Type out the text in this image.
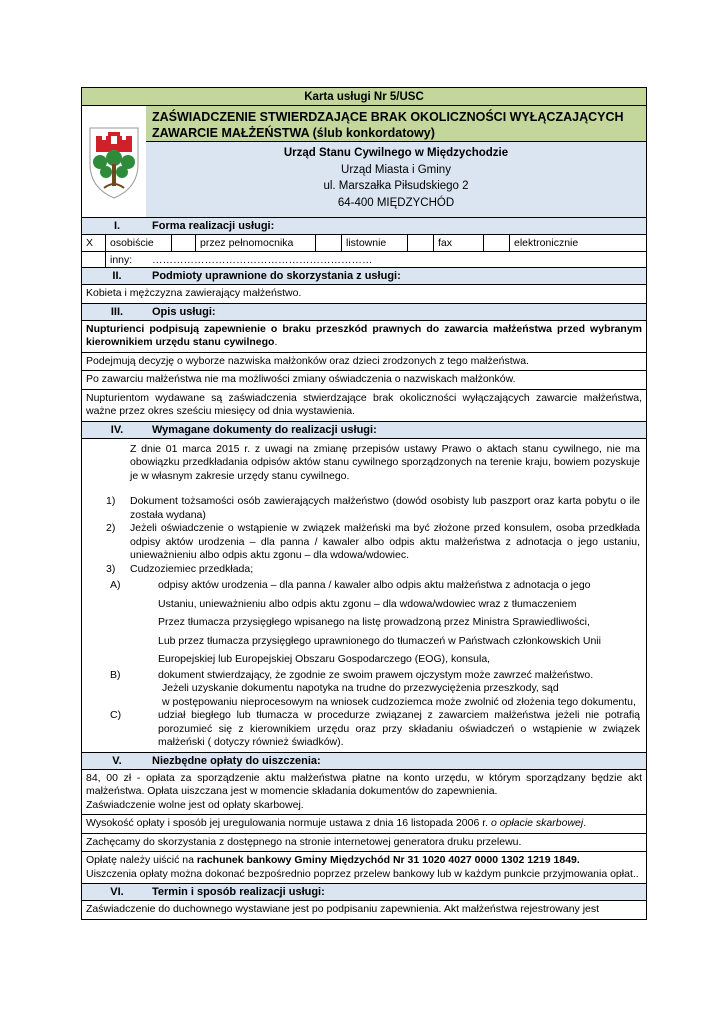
Karta usługi Nr 5/USC
ZAŚWIADCZENIE STWIERDZAJĄCE BRAK OKOLICZNOŚCI WYŁĄCZAJĄCYCH ZAWARCIE MAŁŻEŃSTWA (ślub konkordatowy)
Urząd Stanu Cywilnego w Międzychodzie
Urząd Miasta i Gminy
ul. Marszałka Piłsudskiego 2
64-400 MIĘDZYCHÓD
I.	Forma realizacji usługi:
X	osobiście	przez pełnomocnika	listownie	fax	elektronicznie
inny:	………………………………………………………
II.	Podmioty uprawnione do skorzystania z usługi:
Kobieta i mężczyzna zawierający małżeństwo.
III.	Opis usługi:
Nupturienci podpisują zapewnienie o braku przeszkód prawnych do zawarcia małżeństwa przed wybranym kierownikiem urzędu stanu cywilnego.
Podejmują decyzję o wyborze nazwiska małżonków oraz dzieci zrodzonych z tego małżeństwa.
Po zawarciu małżeństwa nie ma możliwości zmiany oświadczenia o nazwiskach małżonków.
Nupturientom wydawane są zaświadczenia stwierdzające brak okoliczności wyłączających zawarcie małżeństwa, ważne przez okres sześciu miesięcy od dnia wystawienia.
IV.	Wymagane dokumenty do realizacji usługi:
Z dnie 01 marca 2015 r. z uwagi na zmianę przepisów ustawy Prawo o aktach stanu cywilnego, nie ma obowiązku przedkładania odpisów aktów stanu cywilnego sporządzonych na terenie kraju, bowiem pozyskuje je w własnym zakresie urzędy stanu cywilnego.
1)	Dokument tożsamości osób zawierających małżeństwo (dowód osobisty lub paszport oraz karta pobytu o ile została wydana)
2)	Jeżeli oświadczenie o wstąpienie w związek małżeński ma być złożone przed konsulem, osoba przedkłada odpisy aktów urodzenia – dla panna / kawaler albo odpis aktu małżeństwa z adnotacja o jego ustaniu, unieważnieniu albo odpis aktu zgonu – dla wdowa/wdowiec.
3)	Cudzoziemiec przedkłada;
A)	odpisy aktów urodzenia – dla panna / kawaler albo odpis aktu małżeństwa z adnotacja o jego
Ustaniu, unieważnieniu albo odpis aktu zgonu – dla wdowa/wdowiec wraz z tłumaczeniem
Przez tłumacza przysięgłego wpisanego na listę prowadzoną przez Ministra Sprawiedliwości,
Lub przez tłumacza przysięgłego uprawnionego do tłumaczeń w Państwach członkowskich Unii
Europejskiej lub Europejskiej Obszaru Gospodarczego (EOG), konsula,
B)	dokument stwierdzający, że zgodnie ze swoim prawem ojczystym może zawrzeć małżeństwo.
Jeżeli uzyskanie dokumentu napotyka na trudne do przezwyciężenia przeszkody, sąd
w postępowaniu nieprocesowym na wniosek cudzoziemca może zwolnić od złożenia tego dokumentu,
C)	udział biegłego lub tłumacza w procedurze związanej z zawarciem małżeństwa jeżeli nie potrafią porozumieć się z kierownikiem urzędu oraz przy składaniu oświadczeń o wstąpienie w związek małżeński ( dotyczy również świadków).
V.	Niezbędne opłaty do uiszczenia:
84, 00 zł - opłata za sporządzenie aktu małżeństwa płatne na konto urzędu, w którym sporządzany będzie akt małżeństwa. Opłata uiszczana jest w momencie składania dokumentów do zapewnienia.
Zaświadczenie wolne jest od opłaty skarbowej.
Wysokość opłaty i sposób jej uregulowania normuje ustawa z dnia 16 listopada 2006 r. o opłacie skarbowej.
Zachęcamy do skorzystania z dostępnego na stronie internetowej generatora druku przelewu.
Opłatę należy uiścić na rachunek bankowy Gminy Międzychód Nr 31 1020 4027 0000 1302 1219 1849.
Uiszczenia opłaty można dokonać bezpośrednio poprzez przelew bankowy lub w każdym punkcie przyjmowania opłat..
VI.	Termin i sposób realizacji usługi:
Zaświadczenie do duchownego wystawiane jest po podpisaniu zapewnienia. Akt małżeństwa rejestrowany jest
